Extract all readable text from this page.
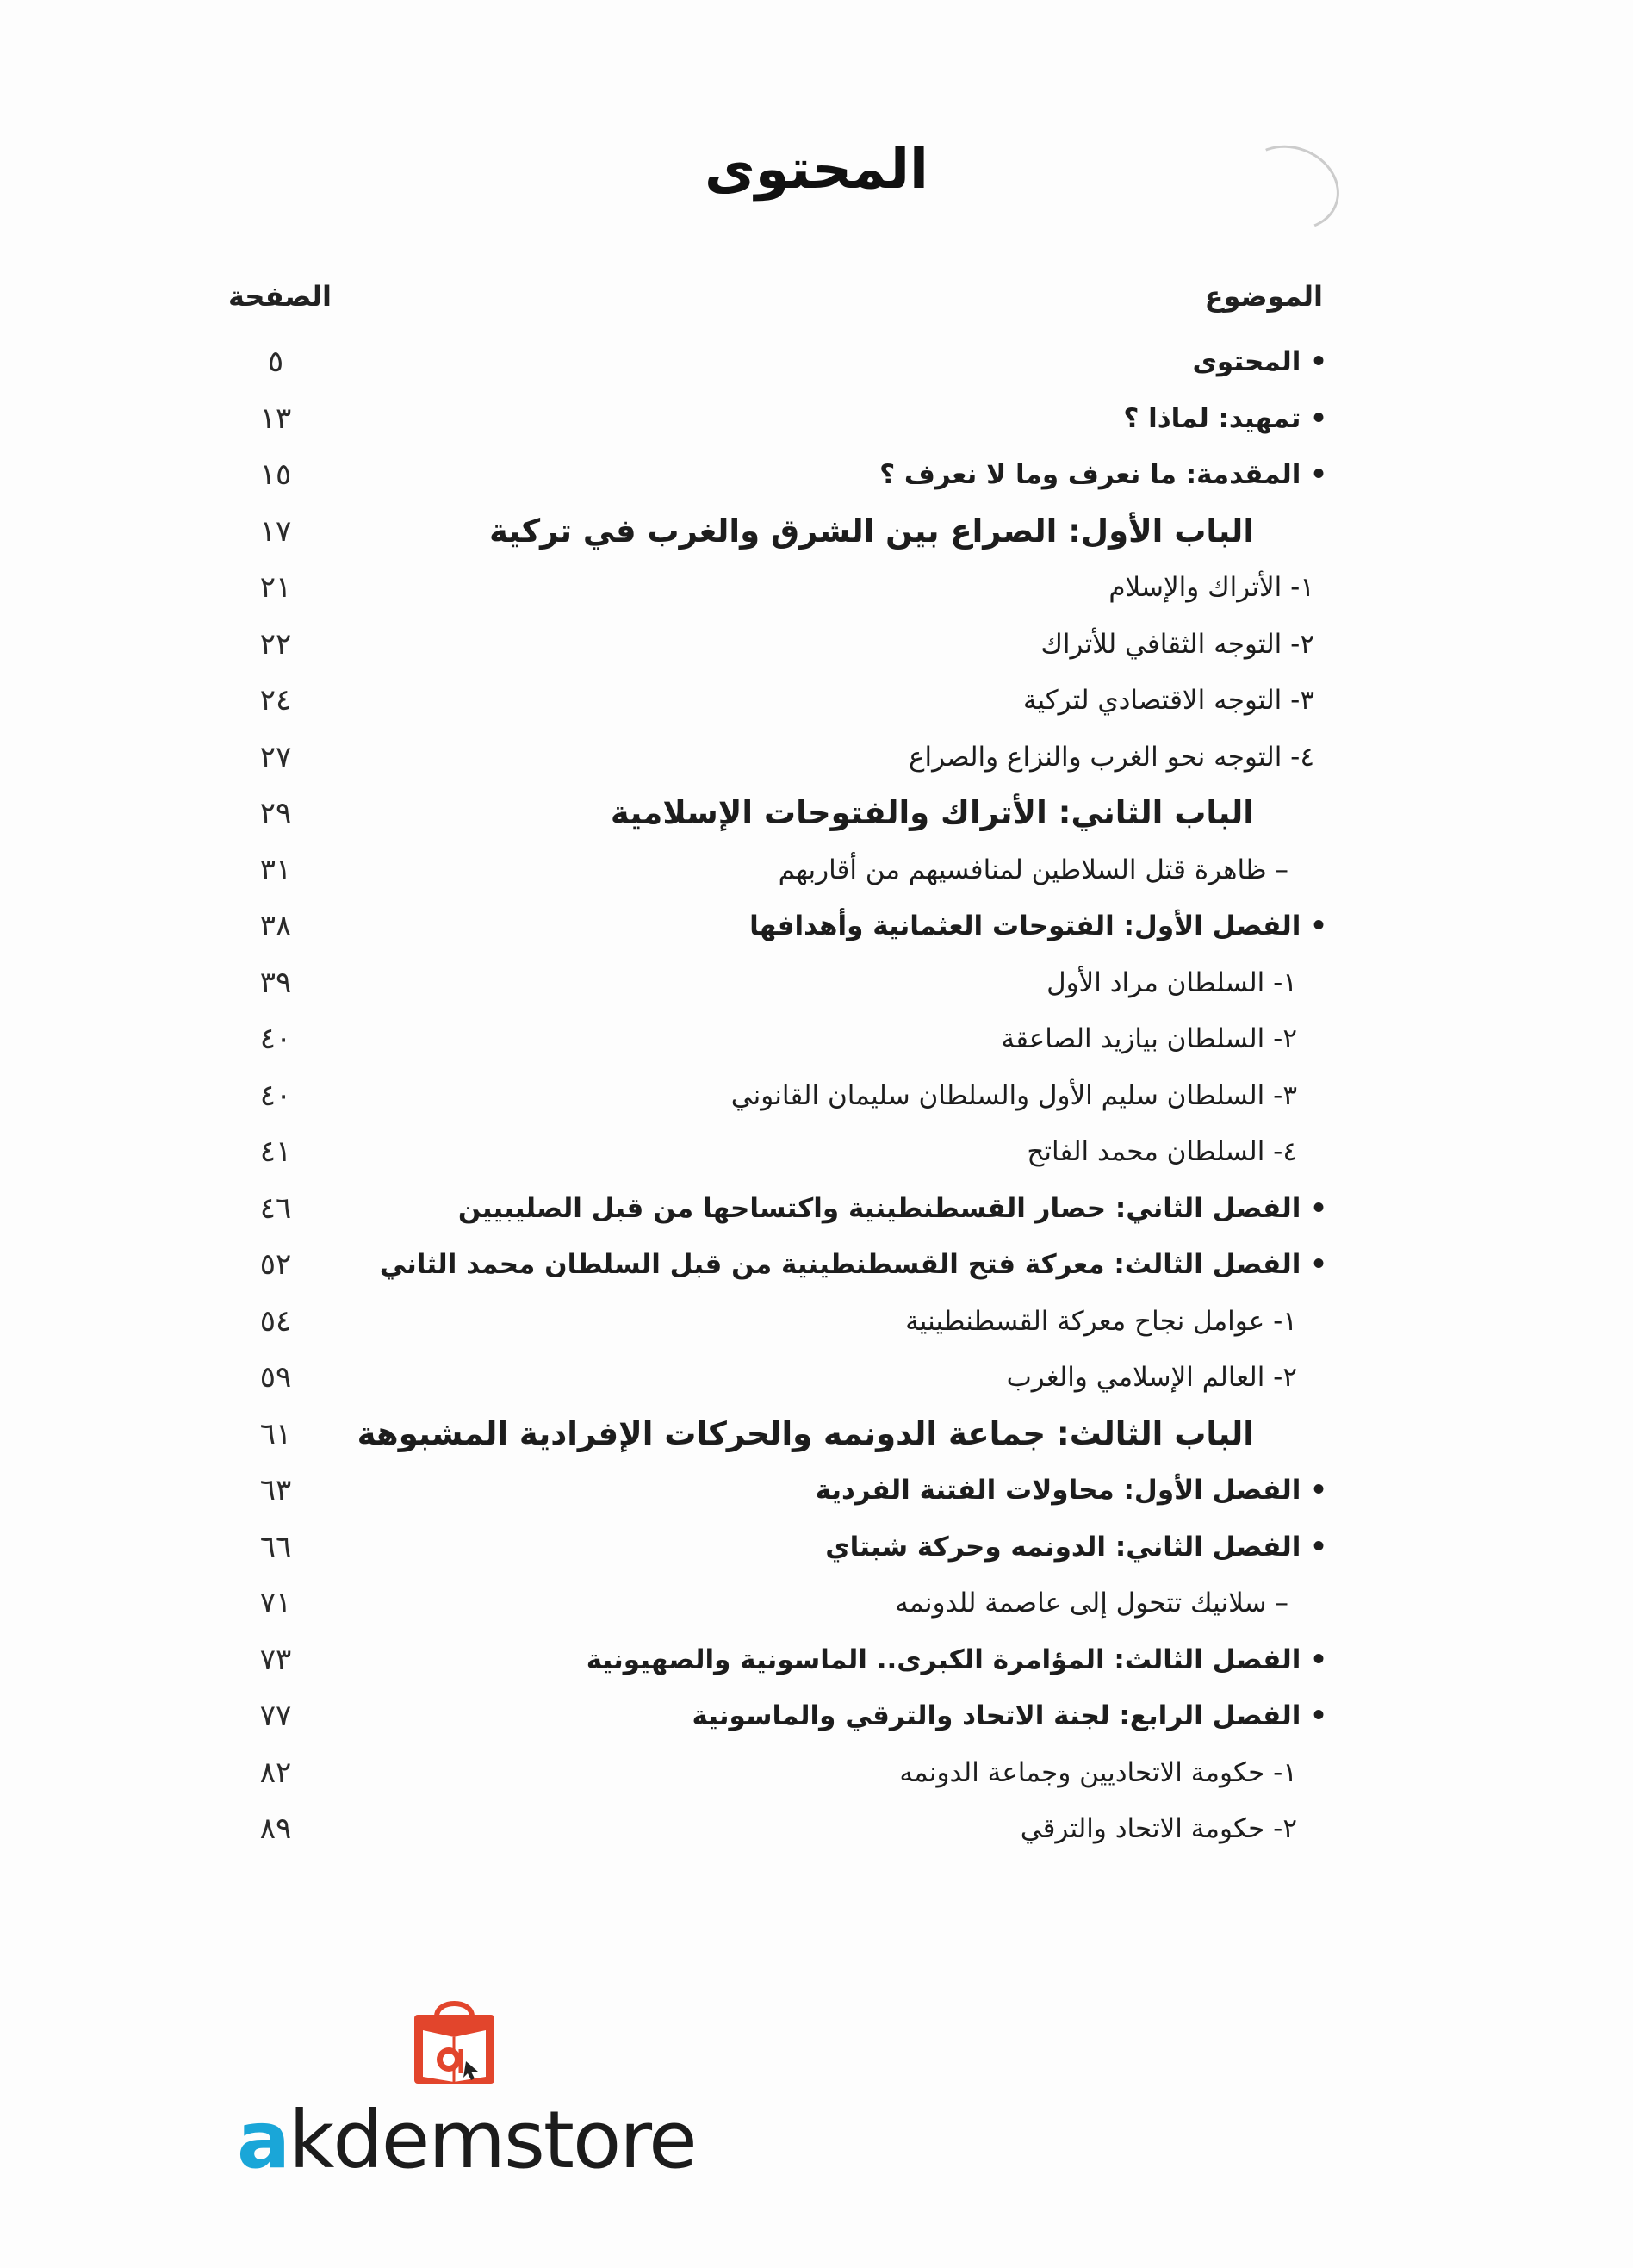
المحتوى
الموضوع
الصفحة
• المحتوى
٥
• تمهيد: لماذا ؟
١٣
• المقدمة: ما نعرف وما لا نعرف ؟
١٥
الباب الأول: الصراع بين الشرق والغرب في تركية
١٧
١- الأتراك والإسلام
٢١
٢- التوجه الثقافي للأتراك
٢٢
٣- التوجه الاقتصادي لتركية
٢٤
٤- التوجه نحو الغرب والنزاع والصراع
٢٧
الباب الثاني: الأتراك والفتوحات الإسلامية
٢٩
– ظاهرة قتل السلاطين لمنافسيهم من أقاربهم
٣١
• الفصل الأول: الفتوحات العثمانية وأهدافها
٣٨
١- السلطان مراد الأول
٣٩
٢- السلطان بيازيد الصاعقة
٤٠
٣- السلطان سليم الأول والسلطان سليمان القانوني
٤٠
٤- السلطان محمد الفاتح
٤١
• الفصل الثاني: حصار القسطنطينية واكتساحها من قبل الصليبيين
٤٦
• الفصل الثالث: معركة فتح القسطنطينية من قبل السلطان محمد الثاني
٥٢
١- عوامل نجاح معركة القسطنطينية
٥٤
٢- العالم الإسلامي والغرب
٥٩
الباب الثالث: جماعة الدونمه والحركات الإفرادية المشبوهة
٦١
• الفصل الأول: محاولات الفتنة الفردية
٦٣
• الفصل الثاني: الدونمه وحركة شبتاي
٦٦
– سلانيك تتحول إلى عاصمة للدونمه
٧١
• الفصل الثالث: المؤامرة الكبرى.. الماسونية والصهيونية
٧٣
• الفصل الرابع: لجنة الاتحاد والترقي والماسونية
٧٧
١- حكومة الاتحاديين وجماعة الدونمه
٨٢
٢- حكومة الاتحاد والترقي
٨٩
akdemstore
